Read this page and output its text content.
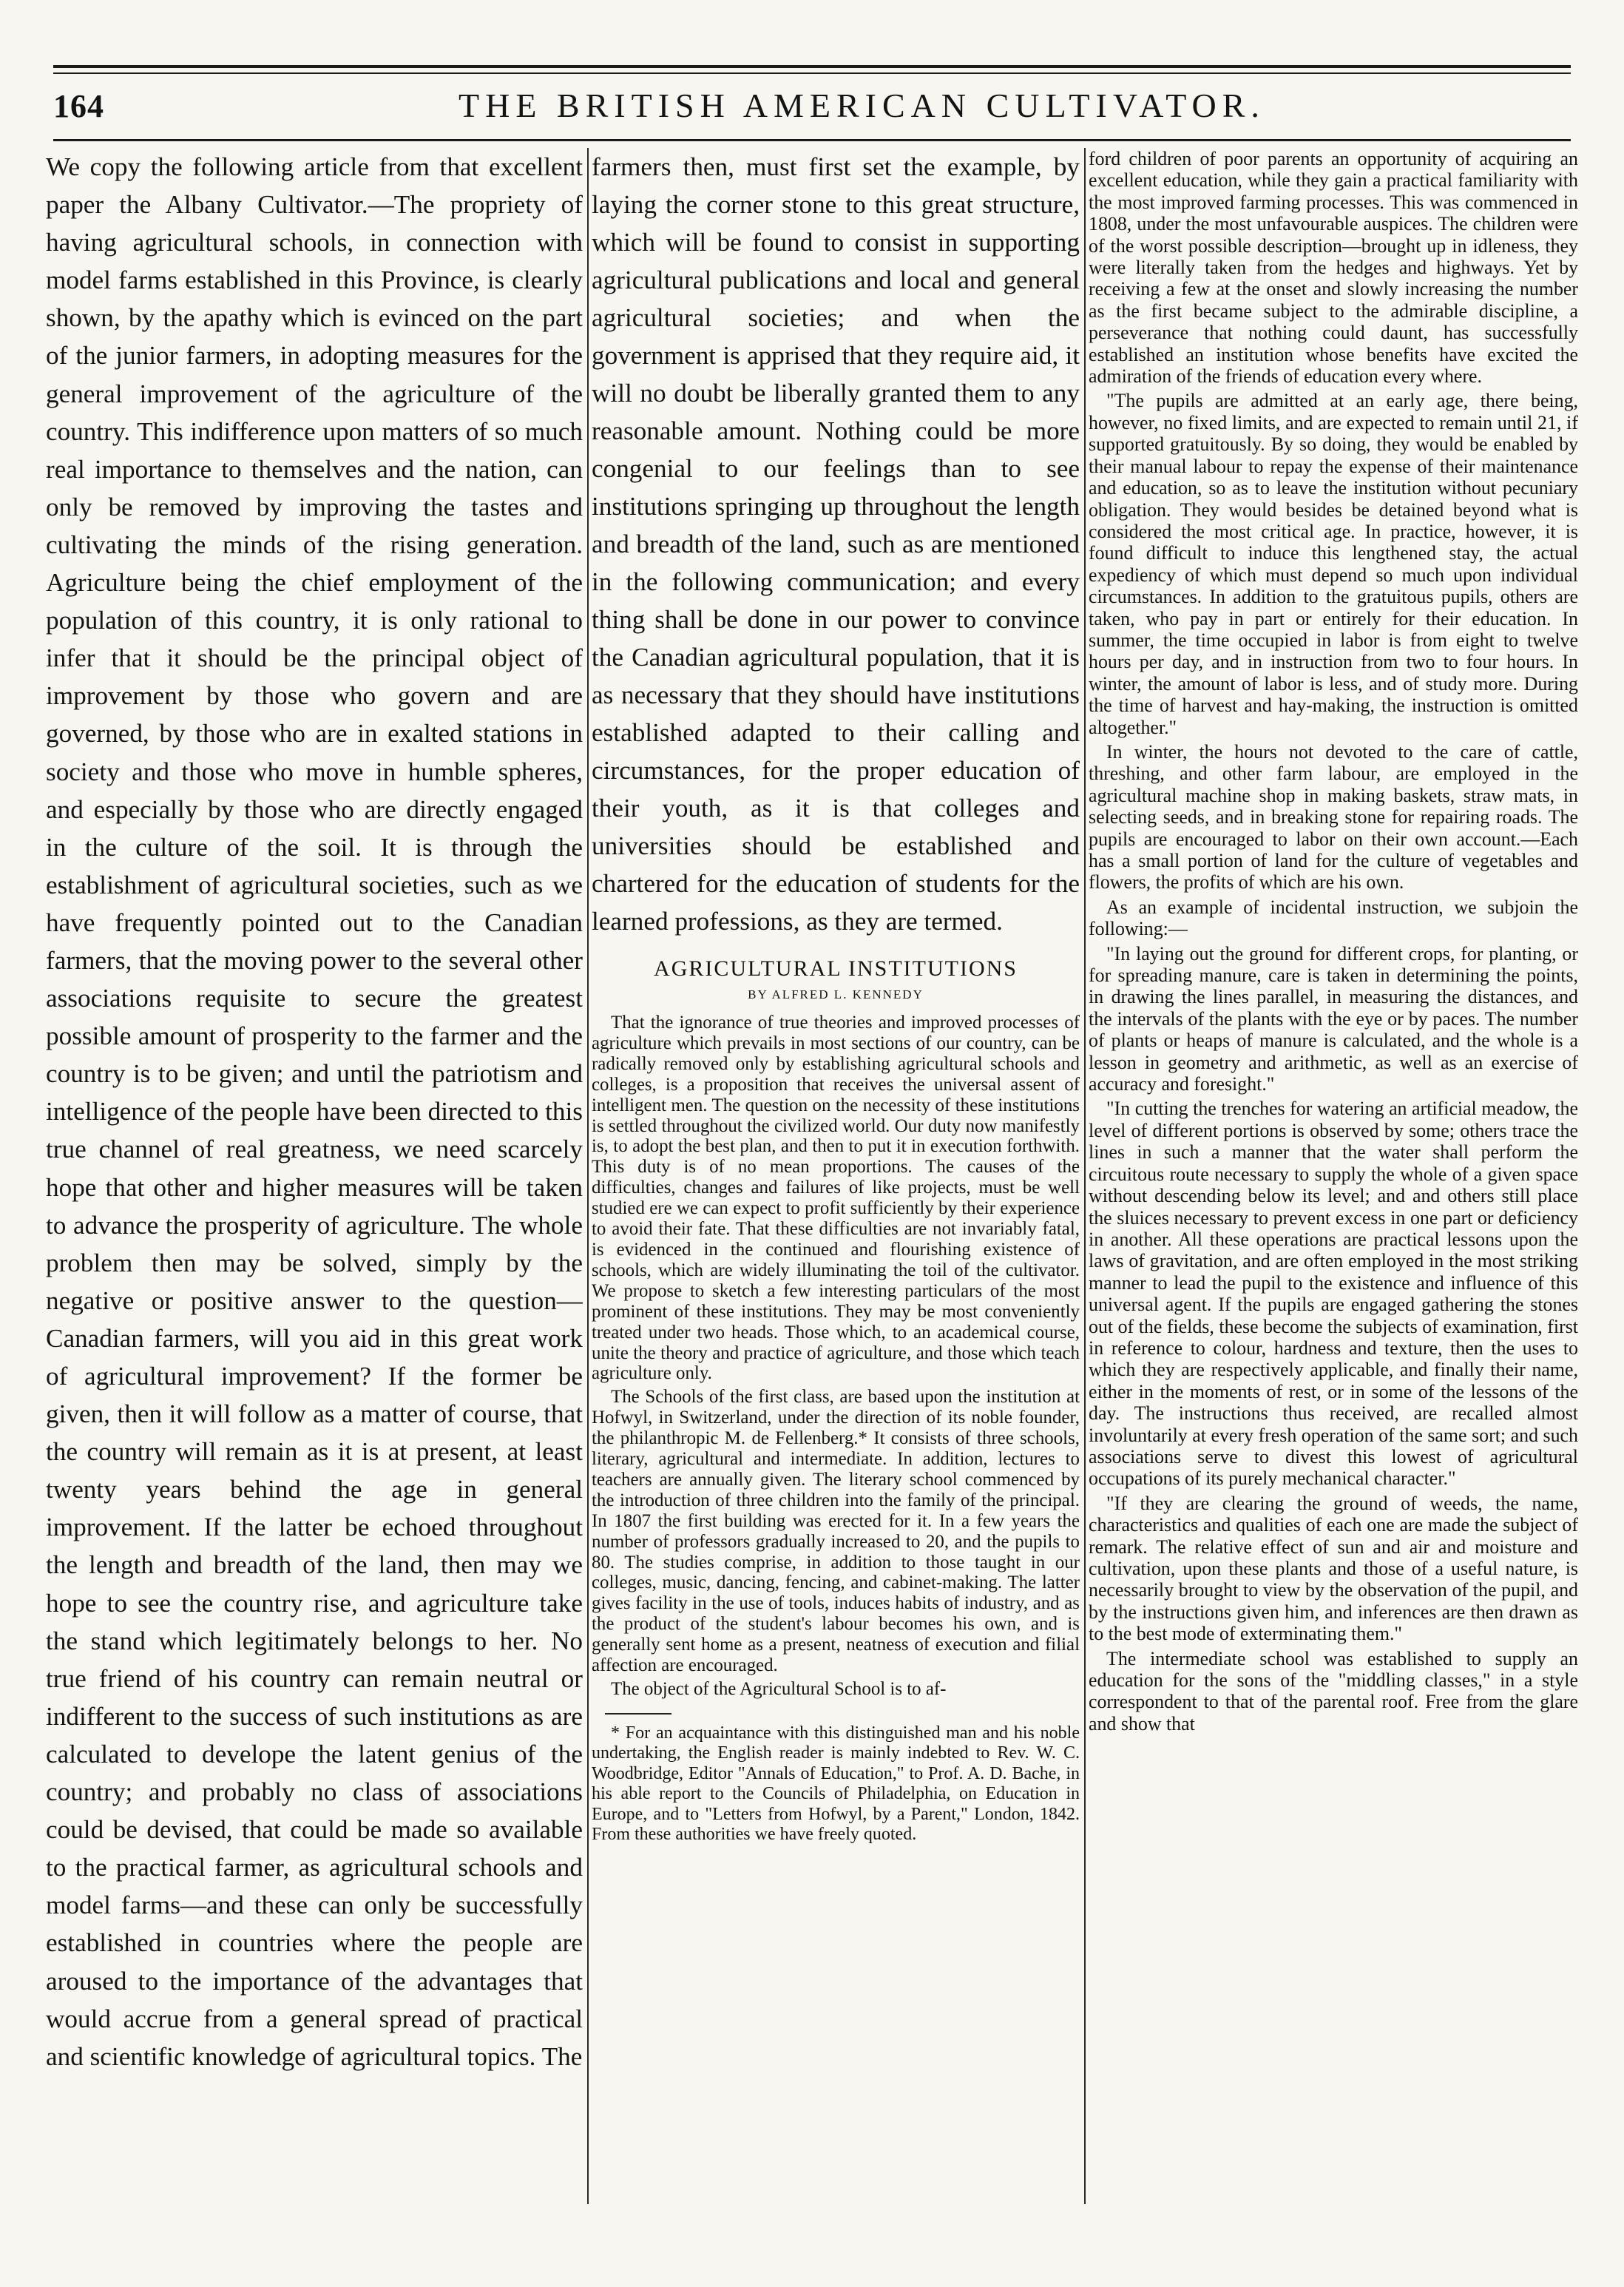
164	THE BRITISH AMERICAN CULTIVATOR.

We copy the following article from that excellent paper the Albany Cultivator.—The propriety of having agricultural schools, in connection with model farms established in this Province, is clearly shown, by the apathy which is evinced on the part of the junior farmers, in adopting measures for the general improvement of the agriculture of the country. This indifference upon matters of so much real importance to themselves and the nation, can only be removed by improving the tastes and cultivating the minds of the rising generation. Agriculture being the chief employment of the population of this country, it is only rational to infer that it should be the principal object of improvement by those who govern and are governed, by those who are in exalted stations in society and those who move in humble spheres, and especially by those who are directly engaged in the culture of the soil. It is through the establishment of agricultural societies, such as we have frequently pointed out to the Canadian farmers, that the moving power to the several other associations requisite to secure the greatest possible amount of prosperity to the farmer and the country is to be given; and until the patriotism and intelligence of the people have been directed to this true channel of real greatness, we need scarcely hope that other and higher measures will be taken to advance the prosperity of agriculture. The whole problem then may be solved, simply by the negative or positive answer to the question—Canadian farmers, will you aid in this great work of agricultural improvement? If the former be given, then it will follow as a matter of course, that the country will remain as it is at present, at least twenty years behind the age in general improvement. If the latter be echoed throughout the length and breadth of the land, then may we hope to see the country rise, and agriculture take the stand which legitimately belongs to her. No true friend of his country can remain neutral or indifferent to the success of such institutions as are calculated to develope the latent genius of the country; and probably no class of associations could be devised, that could be made so available to the practical farmer, as agricultural schools and model farms—and these can only be successfully established in countries where the people are aroused to the importance of the advantages that would accrue from a general spread of practical and scientific knowledge of agricultural topics. The

farmers then, must first set the example, by laying the corner stone to this great structure, which will be found to consist in supporting agricultural publications and local and general agricultural societies; and when the government is apprised that they require aid, it will no doubt be liberally granted them to any reasonable amount. Nothing could be more congenial to our feelings than to see institutions springing up throughout the length and breadth of the land, such as are mentioned in the following communication; and every thing shall be done in our power to convince the Canadian agricultural population, that it is as necessary that they should have institutions established adapted to their calling and circumstances, for the proper education of their youth, as it is that colleges and universities should be established and chartered for the education of students for the learned professions, as they are termed.

AGRICULTURAL INSTITUTIONS
BY ALFRED L. KENNEDY

That the ignorance of true theories and improved processes of agriculture which prevails in most sections of our country, can be radically removed only by establishing agricultural schools and colleges, is a proposition that receives the universal assent of intelligent men. The question on the necessity of these institutions is settled throughout the civilized world. Our duty now manifestly is, to adopt the best plan, and then to put it in execution forthwith. This duty is of no mean proportions. The causes of the difficulties, changes and failures of like projects, must be well studied ere we can expect to profit sufficiently by their experience to avoid their fate. That these difficulties are not invariably fatal, is evidenced in the continued and flourishing existence of schools, which are widely illuminating the toil of the cultivator. We propose to sketch a few interesting particulars of the most prominent of these institutions. They may be most conveniently treated under two heads. Those which, to an academical course, unite the theory and practice of agriculture, and those which teach agriculture only.

The Schools of the first class, are based upon the institution at Hofwyl, in Switzerland, under the direction of its noble founder, the philanthropic M. de Fellenberg.* It consists of three schools, literary, agricultural and intermediate. In addition, lectures to teachers are annually given. The literary school commenced by the introduction of three children into the family of the principal. In 1807 the first building was erected for it. In a few years the number of professors gradually increased to 20, and the pupils to 80. The studies comprise, in addition to those taught in our colleges, music, dancing, fencing, and cabinet-making. The latter gives facility in the use of tools, induces habits of industry, and as the product of the student's labour becomes his own, and is generally sent home as a present, neatness of execution and filial affection are encouraged.

The object of the Agricultural School is to af-

* For an acquaintance with this distinguished man and his noble undertaking, the English reader is mainly indebted to Rev. W. C. Woodbridge, Editor "Annals of Education," to Prof. A. D. Bache, in his able report to the Councils of Philadelphia, on Education in Europe, and to "Letters from Hofwyl, by a Parent," London, 1842. From these authorities we have freely quoted.

ford children of poor parents an opportunity of acquiring an excellent education, while they gain a practical familiarity with the most improved farming processes. This was commenced in 1808, under the most unfavourable auspices. The children were of the worst possible description—brought up in idleness, they were literally taken from the hedges and highways. Yet by receiving a few at the onset and slowly increasing the number as the first became subject to the admirable discipline, a perseverance that nothing could daunt, has successfully established an institution whose benefits have excited the admiration of the friends of education every where.

"The pupils are admitted at an early age, there being, however, no fixed limits, and are expected to remain until 21, if supported gratuitously. By so doing, they would be enabled by their manual labour to repay the expense of their maintenance and education, so as to leave the institution without pecuniary obligation. They would besides be detained beyond what is considered the most critical age. In practice, however, it is found difficult to induce this lengthened stay, the actual expediency of which must depend so much upon individual circumstances. In addition to the gratuitous pupils, others are taken, who pay in part or entirely for their education. In summer, the time occupied in labor is from eight to twelve hours per day, and in instruction from two to four hours. In winter, the amount of labor is less, and of study more. During the time of harvest and hay-making, the instruction is omitted altogether."

In winter, the hours not devoted to the care of cattle, threshing, and other farm labour, are employed in the agricultural machine shop in making baskets, straw mats, in selecting seeds, and in breaking stone for repairing roads. The pupils are encouraged to labor on their own account.—Each has a small portion of land for the culture of vegetables and flowers, the profits of which are his own.

As an example of incidental instruction, we subjoin the following:—

"In laying out the ground for different crops, for planting, or for spreading manure, care is taken in determining the points, in drawing the lines parallel, in measuring the distances, and the intervals of the plants with the eye or by paces. The number of plants or heaps of manure is calculated, and the whole is a lesson in geometry and arithmetic, as well as an exercise of accuracy and foresight."

"In cutting the trenches for watering an artificial meadow, the level of different portions is observed by some; others trace the lines in such a manner that the water shall perform the circuitous route necessary to supply the whole of a given space without descending below its level; and and others still place the sluices necessary to prevent excess in one part or deficiency in another. All these operations are practical lessons upon the laws of gravitation, and are often employed in the most striking manner to lead the pupil to the existence and influence of this universal agent. If the pupils are engaged gathering the stones out of the fields, these become the subjects of examination, first in reference to colour, hardness and texture, then the uses to which they are respectively applicable, and finally their name, either in the moments of rest, or in some of the lessons of the day. The instructions thus received, are recalled almost involuntarily at every fresh operation of the same sort; and such associations serve to divest this lowest of agricultural occupations of its purely mechanical character."

"If they are clearing the ground of weeds, the name, characteristics and qualities of each one are made the subject of remark. The relative effect of sun and air and moisture and cultivation, upon these plants and those of a useful nature, is necessarily brought to view by the observation of the pupil, and by the instructions given him, and inferences are then drawn as to the best mode of exterminating them."

The intermediate school was established to supply an education for the sons of the "middling classes," in a style correspondent to that of the parental roof. Free from the glare and show that
